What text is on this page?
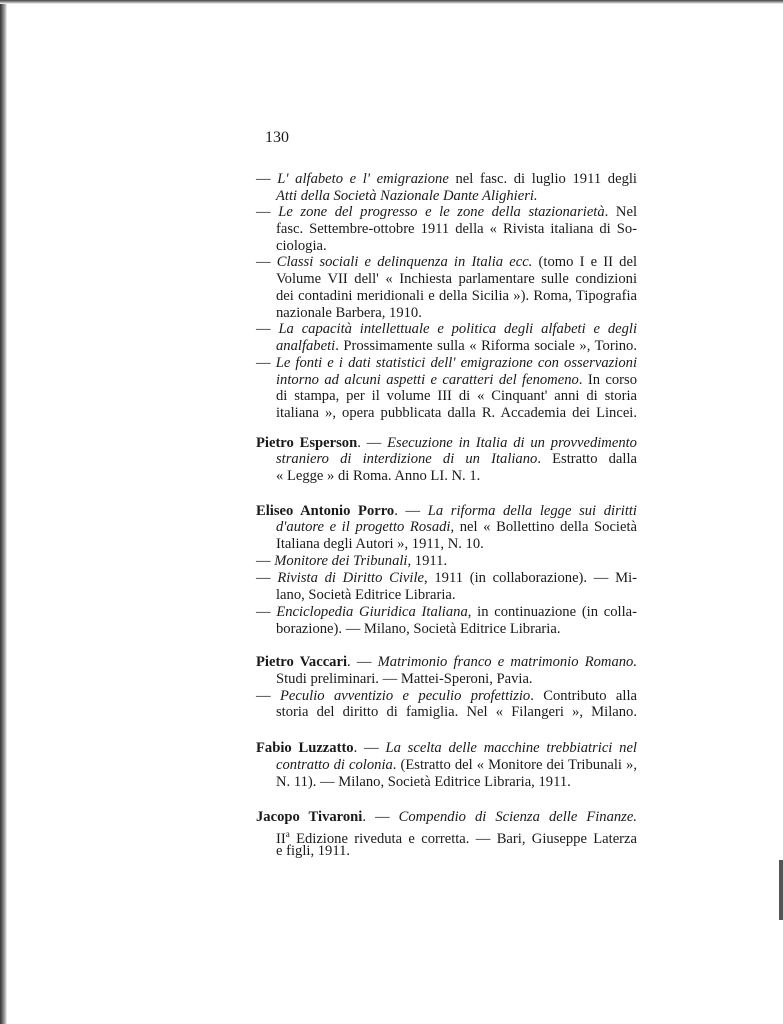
130
— L' alfabeto e l' emigrazione nel fasc. di luglio 1911 degli
Atti della Società Nazionale Dante Alighieri.
— Le zone del progresso e le zone della stazionarietà. Nel
fasc. Settembre-ottobre 1911 della « Rivista italiana di So-
ciologia.
— Classi sociali e delinquenza in Italia ecc. (tomo I e II del
Volume VII dell' « Inchiesta parlamentare sulle condizioni
dei contadini meridionali e della Sicilia »). Roma, Tipografia
nazionale Barbera, 1910.
— La capacità intellettuale e politica degli alfabeti e degli
analfabeti. Prossimamente sulla « Riforma sociale », Torino.
— Le fonti e i dati statistici dell' emigrazione con osservazioni
intorno ad alcuni aspetti e caratteri del fenomeno. In corso
di stampa, per il volume III di « Cinquant' anni di storia
italiana », opera pubblicata dalla R. Accademia dei Lincei.
Pietro Esperson. — Esecuzione in Italia di un provvedimento
straniero di interdizione di un Italiano. Estratto dalla
« Legge » di Roma. Anno LI. N. 1.
Eliseo Antonio Porro. — La riforma della legge sui diritti
d'autore e il progetto Rosadi, nel « Bollettino della Società
Italiana degli Autori », 1911, N. 10.
— Monitore dei Tribunali, 1911.
— Rivista di Diritto Civile, 1911 (in collaborazione). — Mi-
lano, Società Editrice Libraria.
— Enciclopedia Giuridica Italiana, in continuazione (in colla-
borazione). — Milano, Società Editrice Libraria.
Pietro Vaccari. — Matrimonio franco e matrimonio Romano.
Studi preliminari. — Mattei-Speroni, Pavia.
— Peculio avventizio e peculio profettizio. Contributo alla
storia del diritto di famiglia. Nel « Filangeri », Milano.
Fabio Luzzatto. — La scelta delle macchine trebbiatrici nel
contratto di colonia. (Estratto del « Monitore dei Tribunali »,
N. 11). — Milano, Società Editrice Libraria, 1911.
Jacopo Tivaroni. — Compendio di Scienza delle Finanze.
$II^a$ Edizione riveduta e corretta. — Bari, Giuseppe Laterza
e figli, 1911.
